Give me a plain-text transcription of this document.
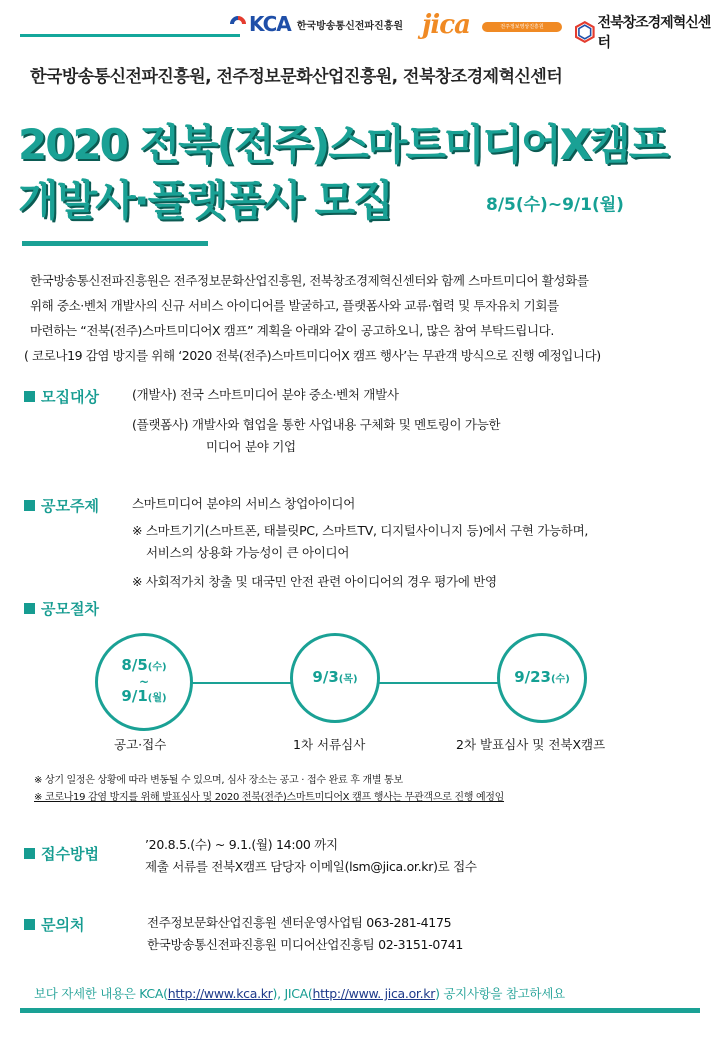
KCA 한국방송통신전파진흥원 jica	전주정보영상진흥원	전북창조경제혁신센터
한국방송통신전파진흥원, 전주정보문화산업진흥원, 전북창조경제혁신센터
2020 전북(전주)스마트미디어X캠프
개발사·플랫폼사 모집	8/5(수)~9/1(월)

한국방송통신전파진흥원은 전주정보문화산업진흥원, 전북창조경제혁신센터와 함께 스마트미디어 활성화를

위해 중소·벤처 개발사의 신규 서비스 아이디어를 발굴하고, 플랫폼사와 교류·협력 및 투자유치 기회를

마련하는 “전북(전주)스마트미디어X 캠프” 계획을 아래와 같이 공고하오니, 많은 참여 부탁드립니다.

( 코로나19 감염 방지를 위해 ‘2020 전북(전주)스마트미디어X 캠프 행사’는 무관객 방식으로 진행 예정입니다)

모집대상	(개발사) 전국 스마트미디어 분야 중소·벤처 개발사
(플랫폼사) 개발사와 협업을 통한 사업내용 구체화 및 멘토링이 가능한
미디어 분야 기업
공모주제	스마트미디어 분야의 서비스 창업아이디어
※ 스마트기기(스마트폰, 태블릿PC, 스마트TV, 디지털사이니지 등)에서 구현 가능하며,
서비스의 상용화 가능성이 큰 아이디어
※ 사회적가치 창출 및 대국민 안전 관련 아이디어의 경우 평가에 반영
공모절차
8/5(수)
~
9/1(월)
9/3(목)	9/23(수)
공고·접수	1차 서류심사	2차 발표심사 및 전북X캠프
※ 상기 일정은 상황에 따라 변동될 수 있으며, 심사 장소는 공고 · 접수 완료 후 개별 통보
※ 코로나19 감염 방지를 위해 발표심사 및 2020 전북(전주)스마트미디어X 캠프 행사는 무관객으로 진행 예정임
접수방법
’20.8.5.(수) ~ 9.1.(월) 14:00 까지
제출 서류를 전북X캠프 담당자 이메일(lsm@jica.or.kr)로 접수
문의처	전주정보문화산업진흥원 센터운영사업팀 063-281-4175
한국방송통신전파진흥원 미디어산업진흥팀 02-3151-0741
보다 자세한 내용은 KCA(http://www.kca.kr), JICA(http://www. jica.or.kr) 공지사항을 참고하세요
